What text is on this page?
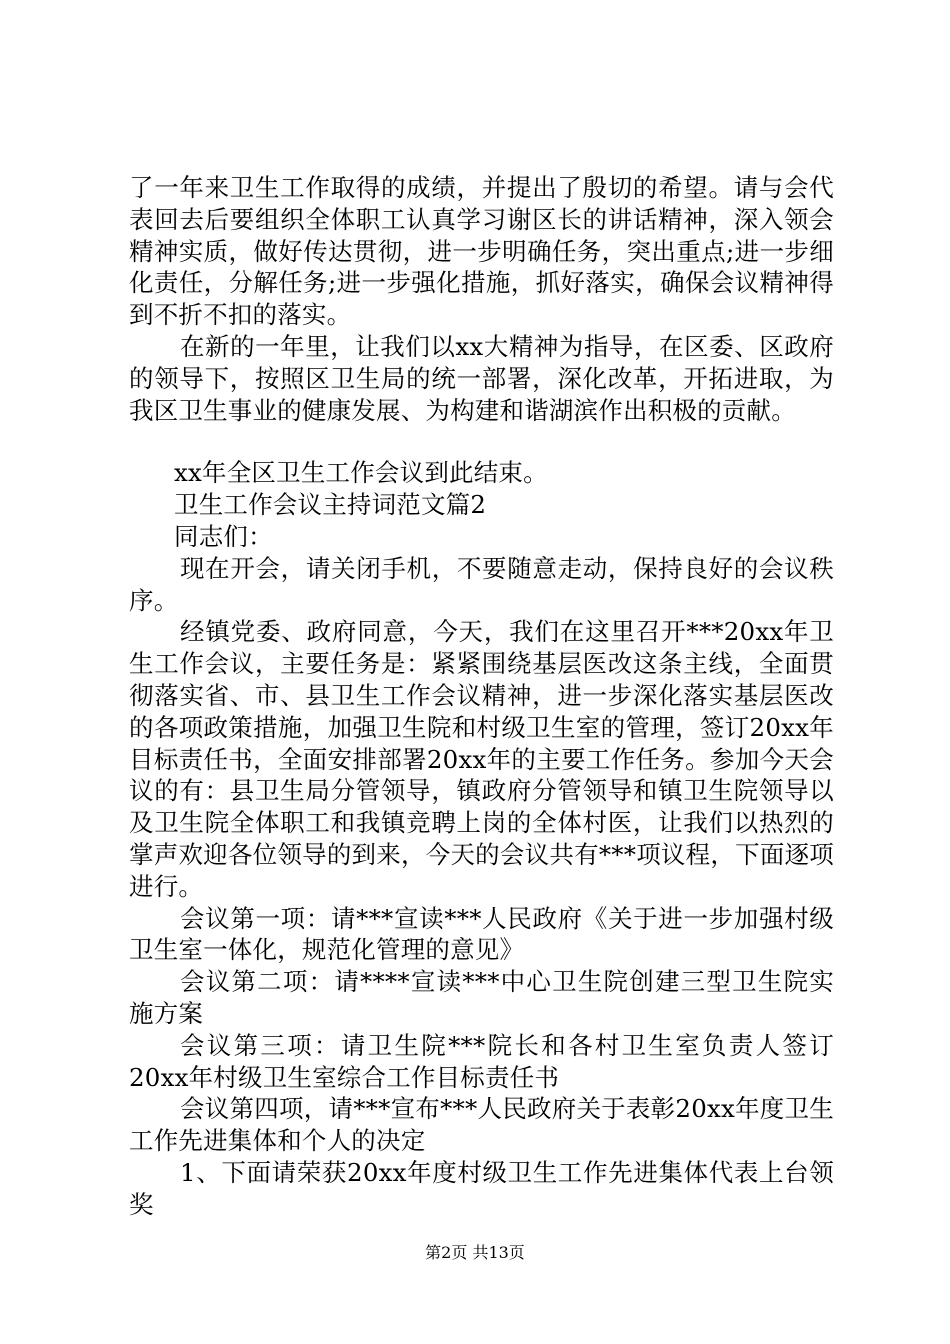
了一年来卫生工作取得的成绩，并提出了殷切的希望。请与会代表回去后要组织全体职工认真学习谢区长的讲话精神，深入领会精神实质，做好传达贯彻，进一步明确任务，突出重点;进一步细化责任，分解任务;进一步强化措施，抓好落实，确保会议精神得到不折不扣的落实。

在新的一年里，让我们以xx大精神为指导，在区委、区政府的领导下，按照区卫生局的统一部署，深化改革，开拓进取，为我区卫生事业的健康发展、为构建和谐湖滨作出积极的贡献。

xx年全区卫生工作会议到此结束。

卫生工作会议主持词范文篇2

同志们：

现在开会，请关闭手机，不要随意走动，保持良好的会议秩序。

经镇党委、政府同意，今天，我们在这里召开***20xx年卫生工作会议，主要任务是：紧紧围绕基层医改这条主线，全面贯彻落实省、市、县卫生工作会议精神，进一步深化落实基层医改的各项政策措施，加强卫生院和村级卫生室的管理，签订20xx年目标责任书，全面安排部署20xx年的主要工作任务。参加今天会议的有：县卫生局分管领导，镇政府分管领导和镇卫生院领导以及卫生院全体职工和我镇竞聘上岗的全体村医，让我们以热烈的掌声欢迎各位领导的到来，今天的会议共有***项议程，下面逐项进行。

会议第一项：请***宣读***人民政府《关于进一步加强村级卫生室一体化，规范化管理的意见》

会议第二项：请****宣读***中心卫生院创建三型卫生院实施方案

会议第三项：请卫生院***院长和各村卫生室负责人签订20xx年村级卫生室综合工作目标责任书

会议第四项，请***宣布***人民政府关于表彰20xx年度卫生工作先进集体和个人的决定

1、下面请荣获20xx年度村级卫生工作先进集体代表上台领奖

第2页 共13页
